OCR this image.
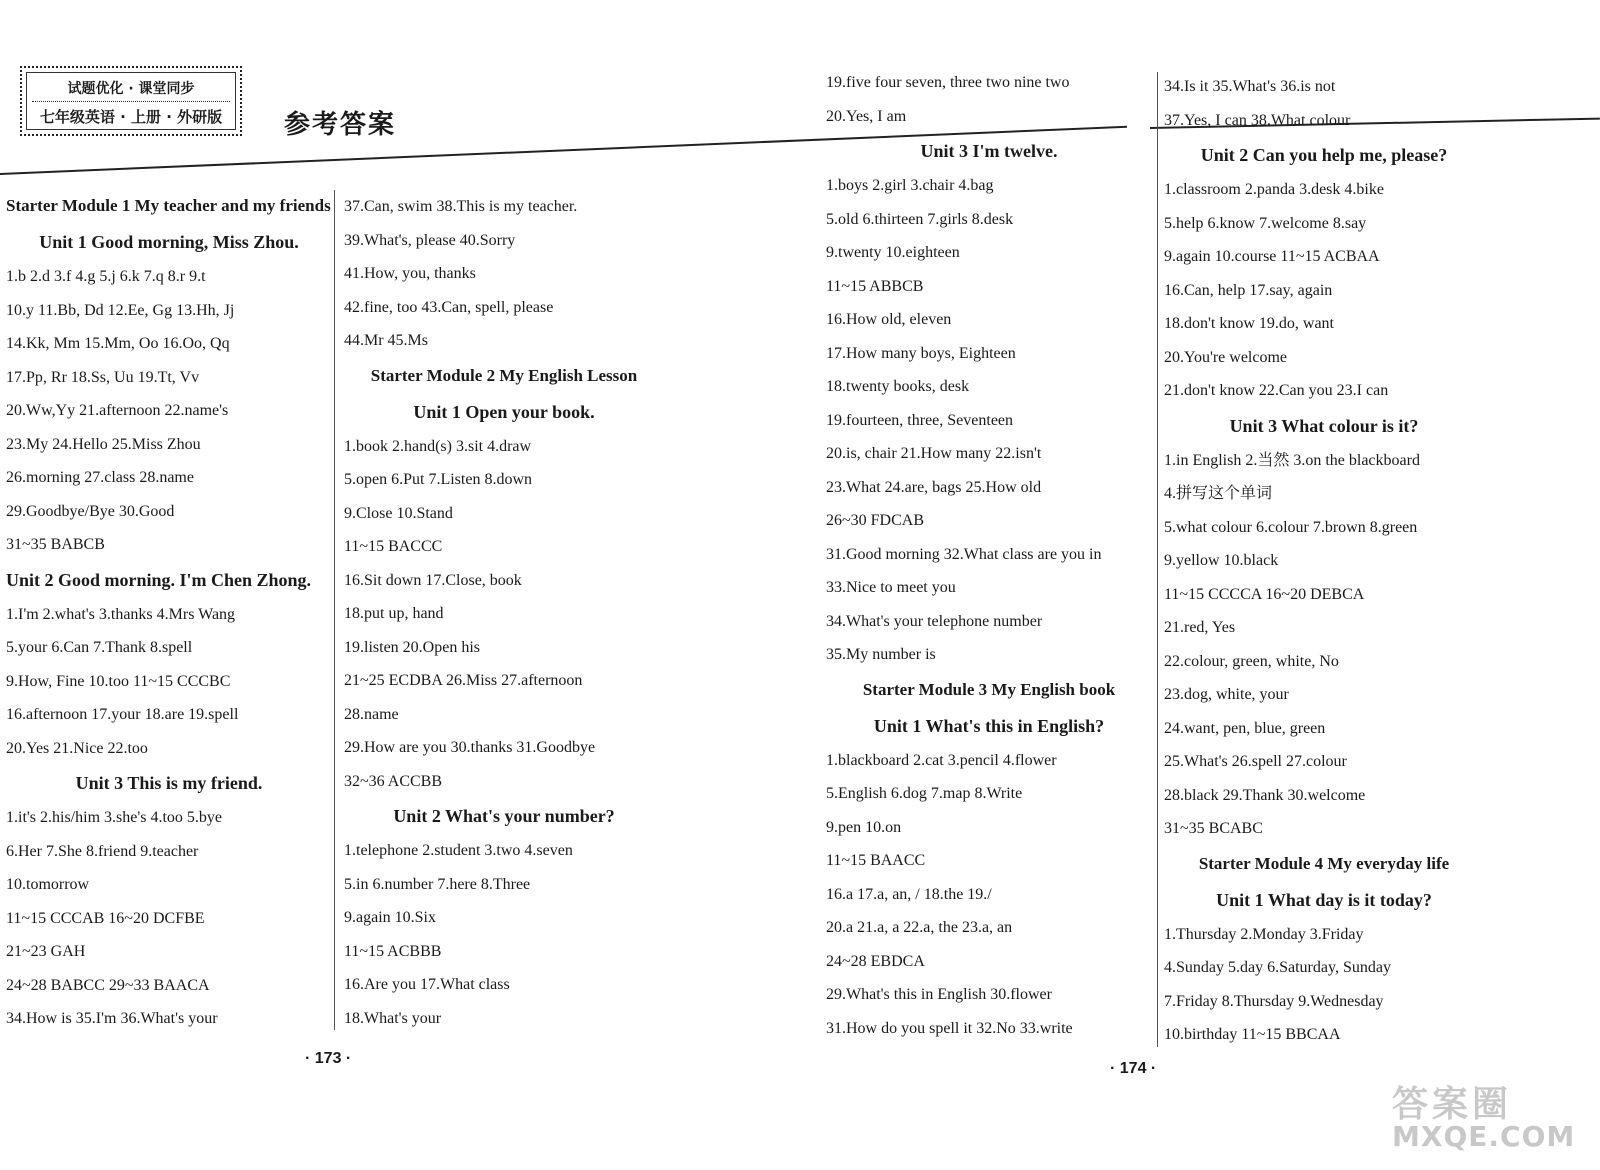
试题优化 · 课堂同步
七年级英语 · 上册 · 外研版	参考答案
Starter Module 1 My teacher and my friends
Unit 1 Good morning, Miss Zhou.
1.b 2.d 3.f 4.g 5.j 6.k 7.q 8.r 9.t
10.y 11.Bb, Dd 12.Ee, Gg 13.Hh, Jj
14.Kk, Mm 15.Mm, Oo 16.Oo, Qq
17.Pp, Rr 18.Ss, Uu 19.Tt, Vv
20.Ww,Yy 21.afternoon 22.name's
23.My 24.Hello 25.Miss Zhou
26.morning 27.class 28.name
29.Goodbye/Bye 30.Good
31~35 BABCB
Unit 2 Good morning. I'm Chen Zhong.
1.I'm 2.what's 3.thanks 4.Mrs Wang
5.your 6.Can 7.Thank 8.spell
9.How, Fine 10.too 11~15 CCCBC
16.afternoon 17.your 18.are 19.spell
20.Yes 21.Nice 22.too
Unit 3 This is my friend.
1.it's 2.his/him 3.she's 4.too 5.bye
6.Her 7.She 8.friend 9.teacher
10.tomorrow
11~15 CCCAB 16~20 DCFBE
21~23 GAH
24~28 BABCC 29~33 BAACA
34.How is 35.I'm 36.What's your
37.Can, swim 38.This is my teacher.
39.What's, please 40.Sorry
41.How, you, thanks
42.fine, too 43.Can, spell, please
44.Mr 45.Ms
Starter Module 2 My English Lesson
Unit 1 Open your book.
1.book 2.hand(s) 3.sit 4.draw
5.open 6.Put 7.Listen 8.down
9.Close 10.Stand
11~15 BACCC
16.Sit down 17.Close, book
18.put up, hand
19.listen 20.Open his
21~25 ECDBA 26.Miss 27.afternoon
28.name
29.How are you 30.thanks 31.Goodbye
32~36 ACCBB
Unit 2 What's your number?
1.telephone 2.student 3.two 4.seven
5.in 6.number 7.here 8.Three
9.again 10.Six
11~15 ACBBB
16.Are you 17.What class
18.What's your
19.five four seven, three two nine two
20.Yes, I am
Unit 3 I'm twelve.
1.boys 2.girl 3.chair 4.bag
5.old 6.thirteen 7.girls 8.desk
9.twenty 10.eighteen
11~15 ABBCB
16.How old, eleven
17.How many boys, Eighteen
18.twenty books, desk
19.fourteen, three, Seventeen
20.is, chair 21.How many 22.isn't
23.What 24.are, bags 25.How old
26~30 FDCAB
31.Good morning 32.What class are you in
33.Nice to meet you
34.What's your telephone number
35.My number is
Starter Module 3 My English book
Unit 1 What's this in English?
1.blackboard 2.cat 3.pencil 4.flower
5.English 6.dog 7.map 8.Write
9.pen 10.on
11~15 BAACC
16.a 17.a, an, / 18.the 19./
20.a 21.a, a 22.a, the 23.a, an
24~28 EBDCA
29.What's this in English 30.flower
31.How do you spell it 32.No 33.write
34.Is it 35.What's 36.is not
37.Yes, I can 38.What colour
Unit 2 Can you help me, please?
1.classroom 2.panda 3.desk 4.bike
5.help 6.know 7.welcome 8.say
9.again 10.course 11~15 ACBAA
16.Can, help 17.say, again
18.don't know 19.do, want
20.You're welcome
21.don't know 22.Can you 23.I can
Unit 3 What colour is it?
1.in English 2.当然 3.on the blackboard
4.拼写这个单词
5.what colour 6.colour 7.brown 8.green
9.yellow 10.black
11~15 CCCCA 16~20 DEBCA
21.red, Yes
22.colour, green, white, No
23.dog, white, your
24.want, pen, blue, green
25.What's 26.spell 27.colour
28.black 29.Thank 30.welcome
31~35 BCABC
Starter Module 4 My everyday life
Unit 1 What day is it today?
1.Thursday 2.Monday 3.Friday
4.Sunday 5.day 6.Saturday, Sunday
7.Friday 8.Thursday 9.Wednesday
10.birthday 11~15 BBCAA
· 173 ·
· 174 ·
答案圈
MXQE.COM
